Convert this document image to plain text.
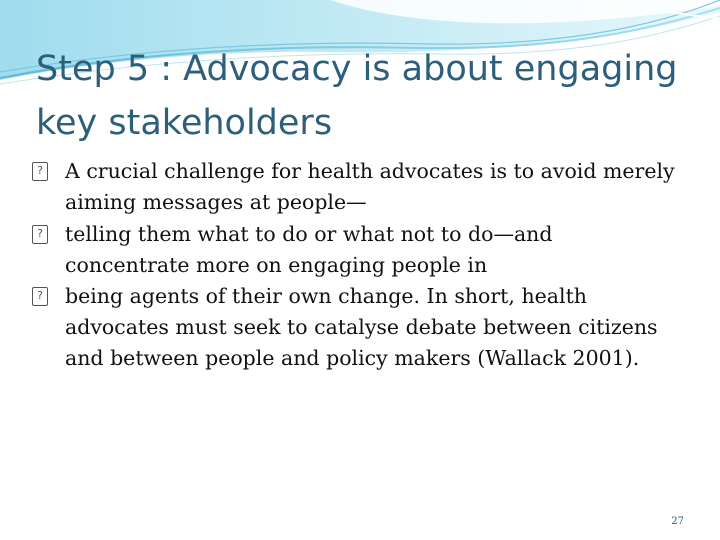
Step 5 : Advocacy is about engaging key stakeholders
? A crucial challenge for health advocates is to avoid merely aiming messages at people—
? telling them what to do or what not to do—and concentrate more on engaging people in
? being agents of their own change. In short, health advocates must seek to catalyse debate between citizens and between people and policy makers (Wallack 2001).
27
